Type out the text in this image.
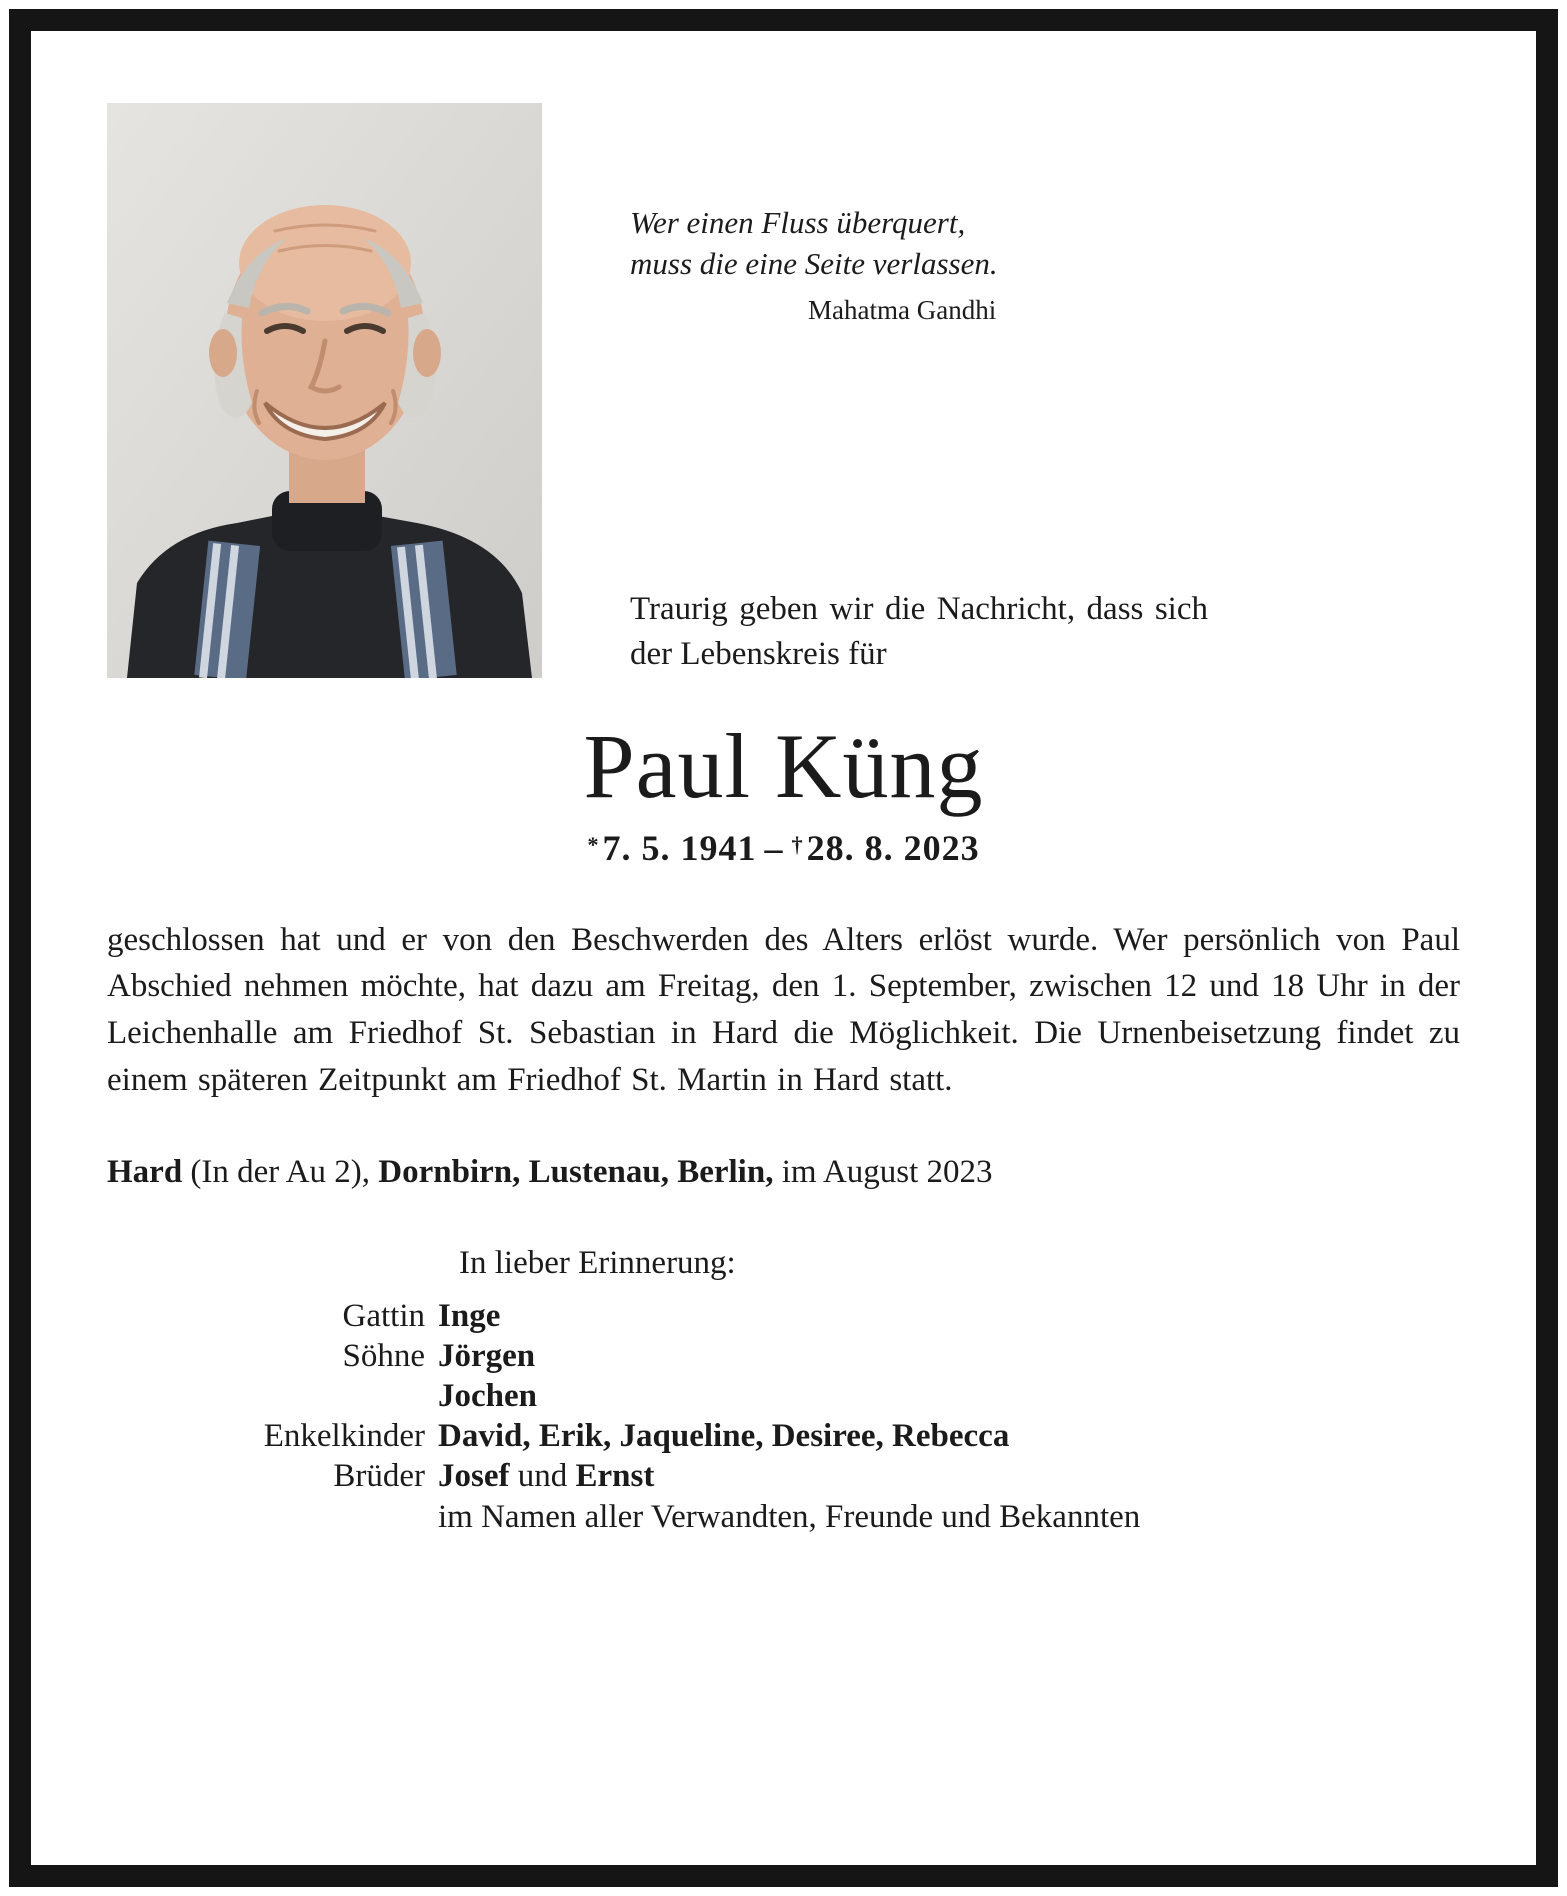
Wer einen Fluss überquert,
muss die eine Seite verlassen.
Mahatma Gandhi
Traurig geben wir die Nachricht, dass sich der Lebenskreis für
Paul Küng
*7. 5. 1941 – †28. 8. 2023
geschlossen hat und er von den Beschwerden des Alters erlöst wurde. Wer persönlich von Paul Abschied nehmen möchte, hat dazu am Freitag, den 1. September, zwischen 12 und 18 Uhr in der Leichenhalle am Friedhof St. Sebastian in Hard die Möglichkeit. Die Urnenbeisetzung findet zu einem späteren Zeitpunkt am Friedhof St. Martin in Hard statt.
Hard (In der Au 2), Dornbirn, Lustenau, Berlin, im August 2023
In lieber Erinnerung:
Gattin Inge
Söhne Jörgen
Jochen
Enkelkinder David, Erik, Jaqueline, Desiree, Rebecca
Brüder Josef und Ernst
im Namen aller Verwandten, Freunde und Bekannten
